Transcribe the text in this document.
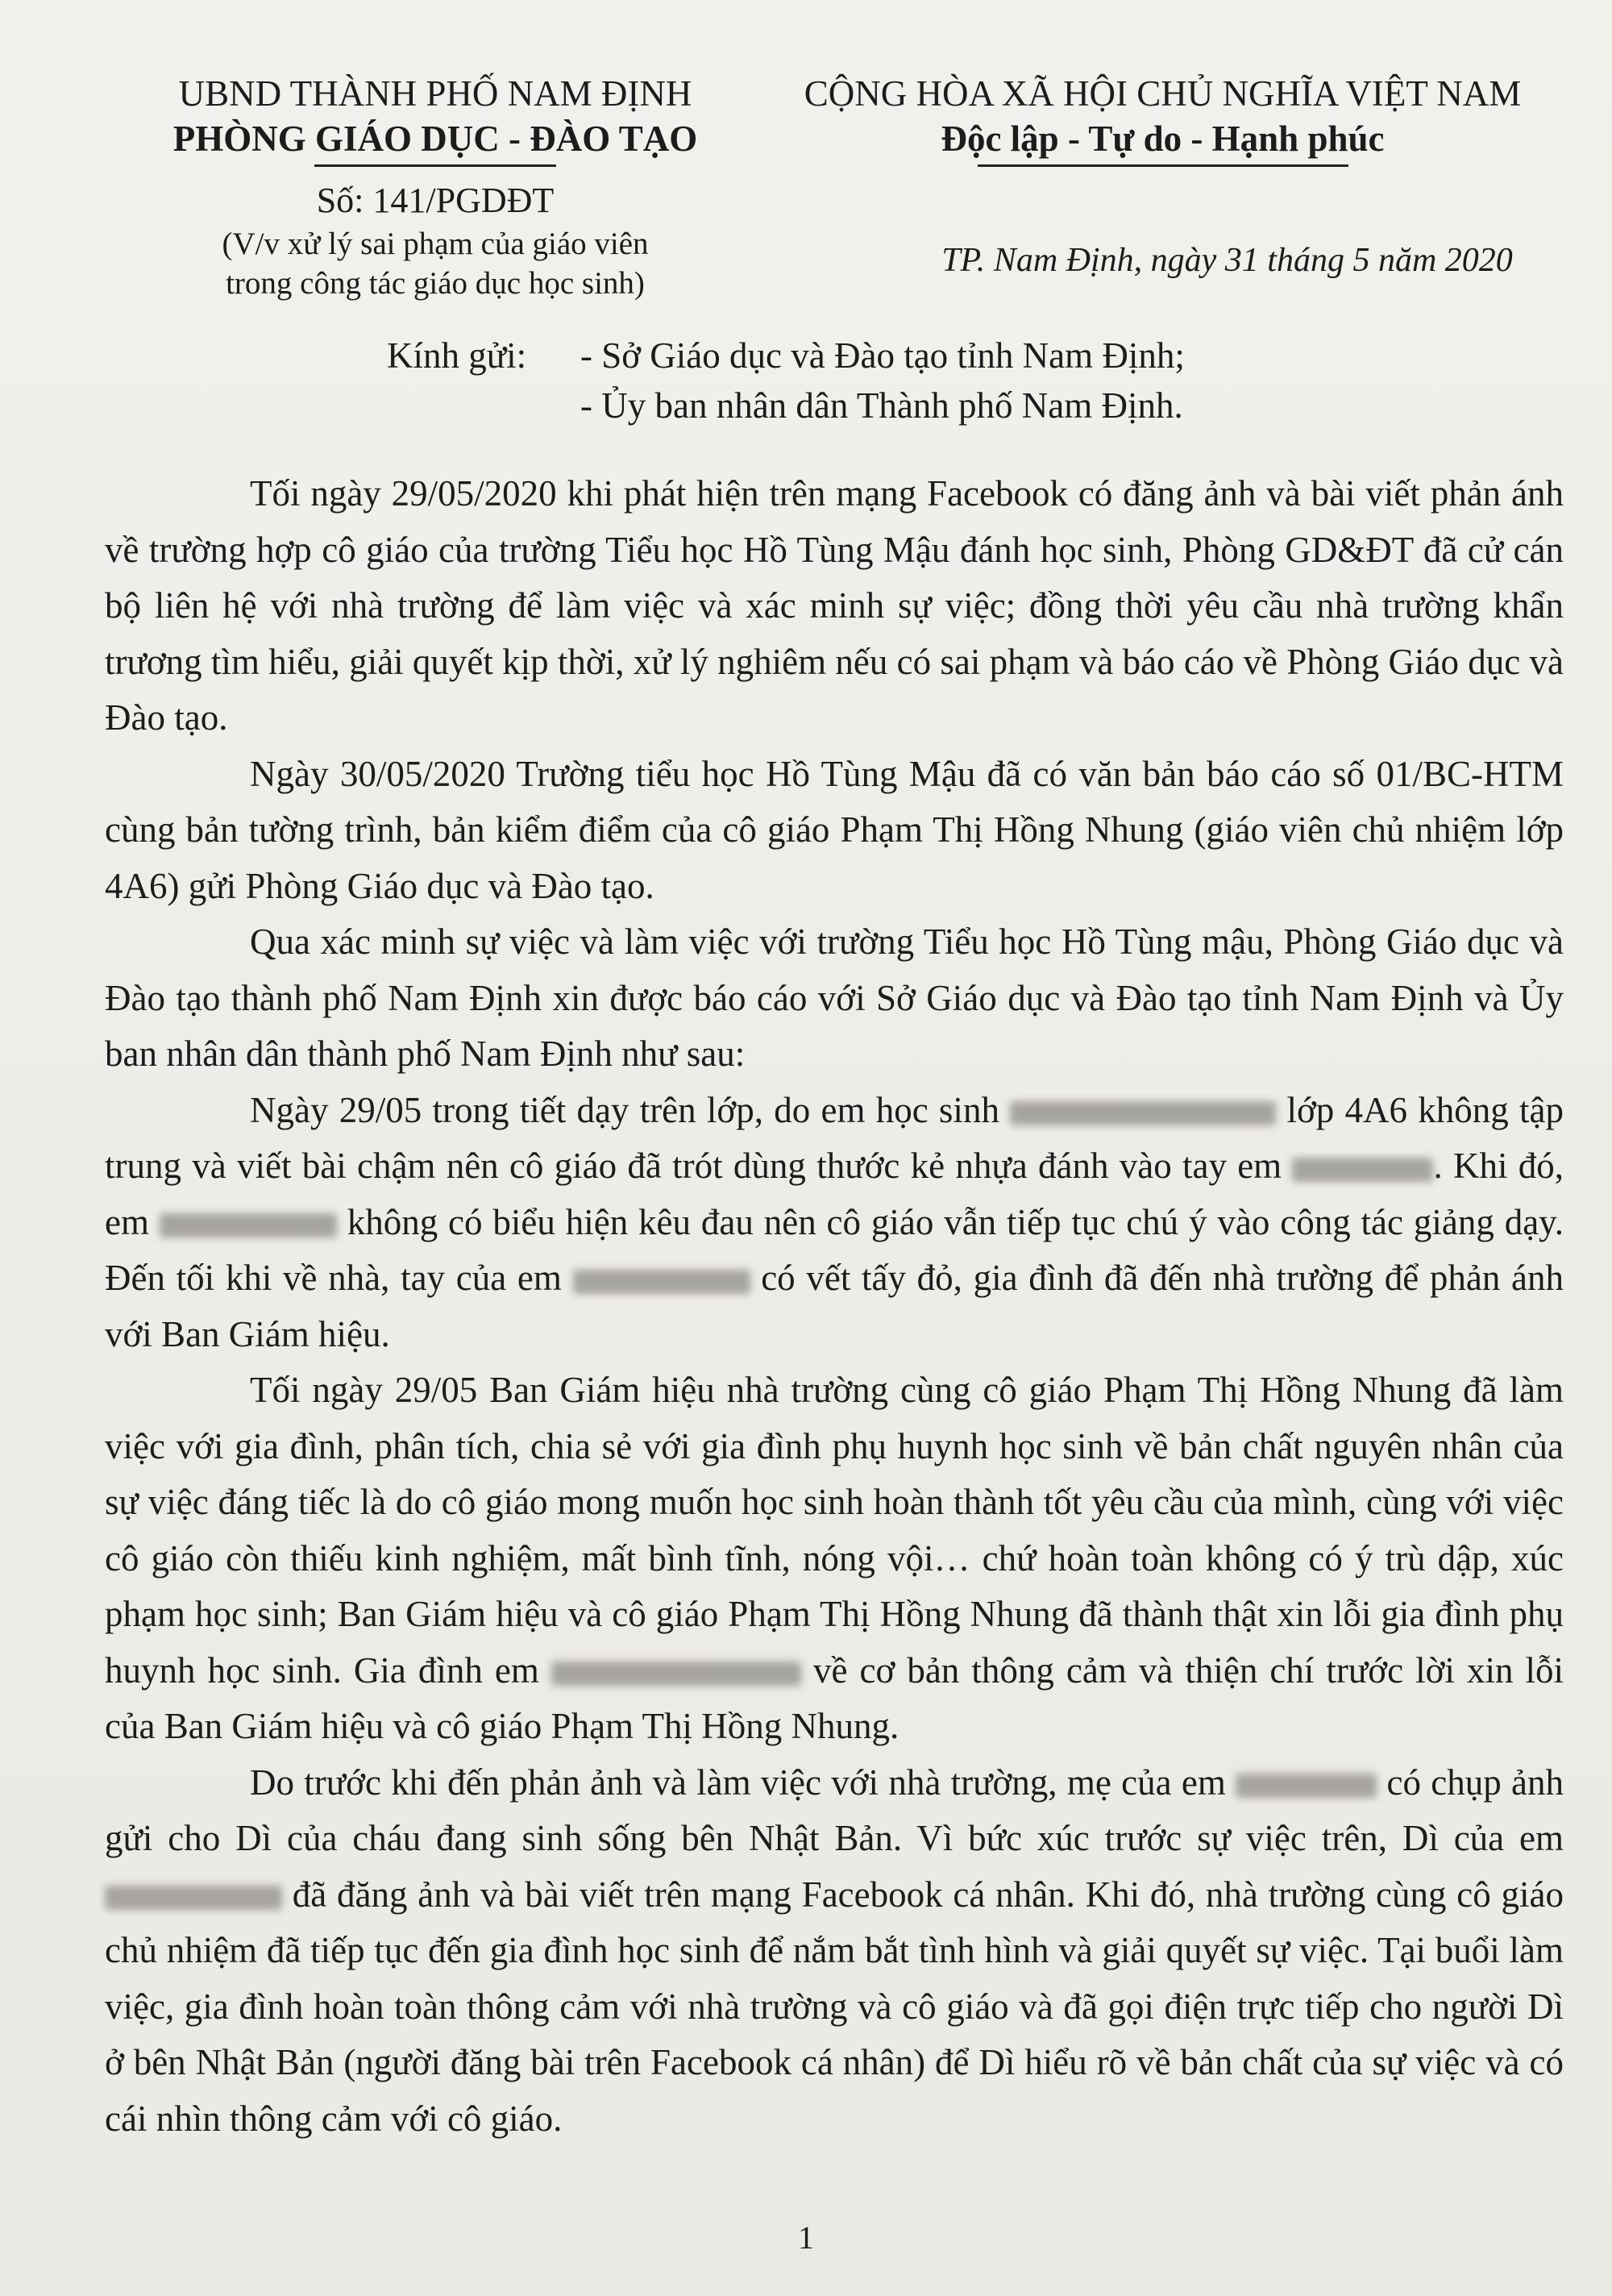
UBND THÀNH PHỐ NAM ĐỊNH
PHÒNG GIÁO DỤC - ĐÀO TẠO
Số: 141/PGDĐT
(V/v xử lý sai phạm của giáo viên
trong công tác giáo dục học sinh)
CỘNG HÒA XÃ HỘI CHỦ NGHĨA VIỆT NAM
Độc lập - Tự do - Hạnh phúc
TP. Nam Định, ngày 31 tháng 5 năm 2020
Kính gửi: - Sở Giáo dục và Đào tạo tỉnh Nam Định;
- Ủy ban nhân dân Thành phố Nam Định.

Tối ngày 29/05/2020 khi phát hiện trên mạng Facebook có đăng ảnh và bài viết phản ánh về trường hợp cô giáo của trường Tiểu học Hồ Tùng Mậu đánh học sinh, Phòng GD&ĐT đã cử cán bộ liên hệ với nhà trường để làm việc và xác minh sự việc; đồng thời yêu cầu nhà trường khẩn trương tìm hiểu, giải quyết kịp thời, xử lý nghiêm nếu có sai phạm và báo cáo về Phòng Giáo dục và Đào tạo.

Ngày 30/05/2020 Trường tiểu học Hồ Tùng Mậu đã có văn bản báo cáo số 01/BC-HTM cùng bản tường trình, bản kiểm điểm của cô giáo Phạm Thị Hồng Nhung (giáo viên chủ nhiệm lớp 4A6) gửi Phòng Giáo dục và Đào tạo.

Qua xác minh sự việc và làm việc với trường Tiểu học Hồ Tùng mậu, Phòng Giáo dục và Đào tạo thành phố Nam Định xin được báo cáo với Sở Giáo dục và Đào tạo tỉnh Nam Định và Ủy ban nhân dân thành phố Nam Định như sau:

Ngày 29/05 trong tiết dạy trên lớp, do em học sinh	lớp 4A6 không tập trung và viết bài chậm nên cô giáo đã trót dùng thước kẻ nhựa đánh vào tay em	. Khi đó, em	không có biểu hiện kêu đau nên cô giáo vẫn tiếp tục chú ý vào công tác giảng dạy. Đến tối khi về nhà, tay của em	có vết tấy đỏ, gia đình đã đến nhà trường để phản ánh với Ban Giám hiệu.

Tối ngày 29/05 Ban Giám hiệu nhà trường cùng cô giáo Phạm Thị Hồng Nhung đã làm việc với gia đình, phân tích, chia sẻ với gia đình phụ huynh học sinh về bản chất nguyên nhân của sự việc đáng tiếc là do cô giáo mong muốn học sinh hoàn thành tốt yêu cầu của mình, cùng với việc cô giáo còn thiếu kinh nghiệm, mất bình tĩnh, nóng vội… chứ hoàn toàn không có ý trù dập, xúc phạm học sinh; Ban Giám hiệu và cô giáo Phạm Thị Hồng Nhung đã thành thật xin lỗi gia đình phụ huynh học sinh. Gia đình em	về cơ bản thông cảm và thiện chí trước lời xin lỗi của Ban Giám hiệu và cô giáo Phạm Thị Hồng Nhung.

Do trước khi đến phản ảnh và làm việc với nhà trường, mẹ của em	có chụp ảnh gửi cho Dì của cháu đang sinh sống bên Nhật Bản. Vì bức xúc trước sự việc trên, Dì của em  đã đăng ảnh và bài viết trên mạng Facebook cá nhân. Khi đó, nhà trường cùng cô giáo chủ nhiệm đã tiếp tục đến gia đình học sinh để nắm bắt tình hình và giải quyết sự việc. Tại buổi làm việc, gia đình hoàn toàn thông cảm với nhà trường và cô giáo và đã gọi điện trực tiếp cho người Dì ở bên Nhật Bản (người đăng bài trên Facebook cá nhân) để Dì hiểu rõ về bản chất của sự việc và có cái nhìn thông cảm với cô giáo.

1
